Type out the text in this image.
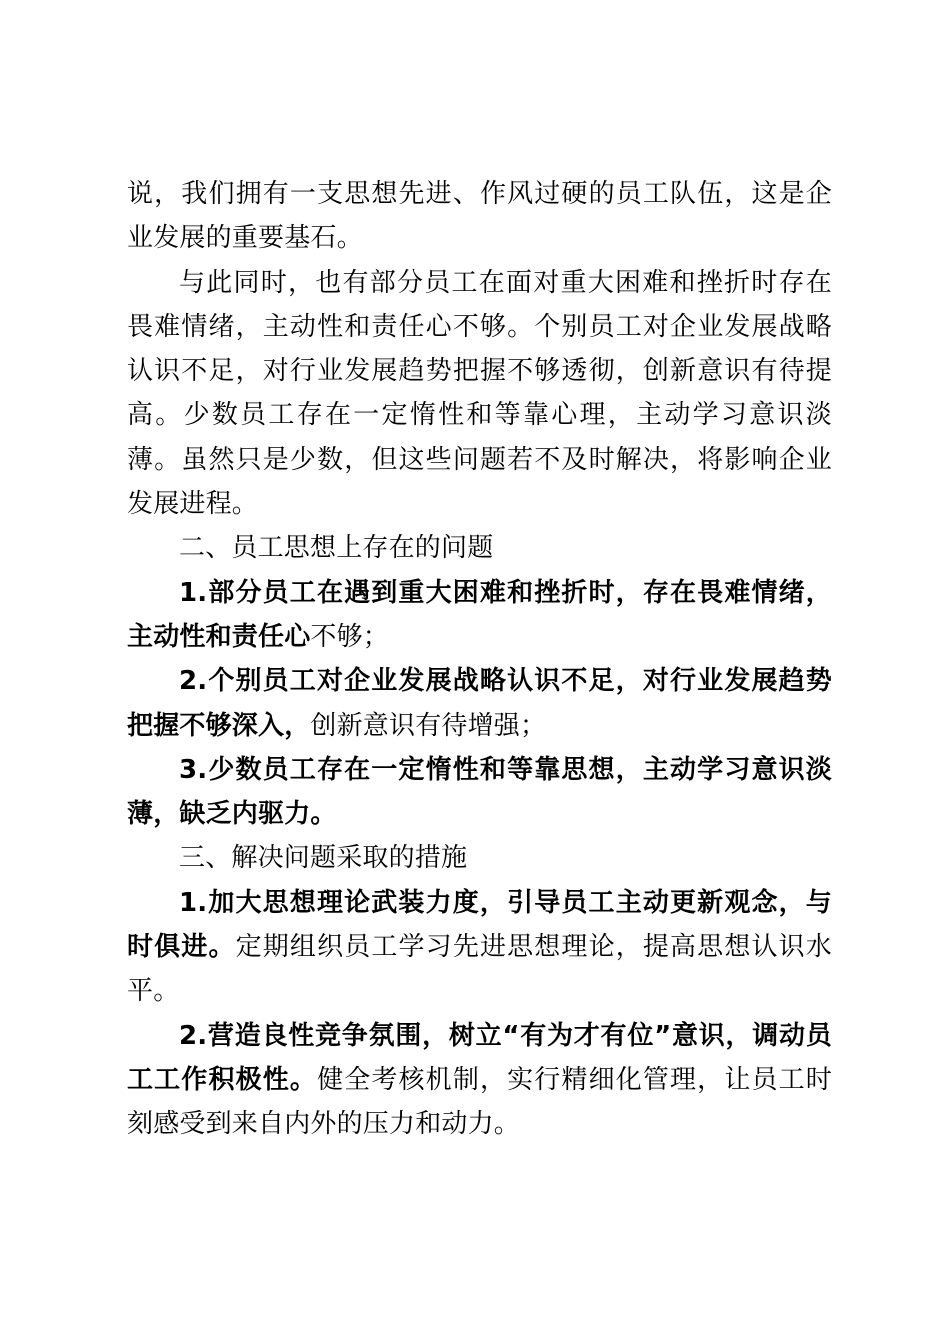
说，我们拥有一支思想先进、作风过硬的员工队伍，这是企业发展的重要基石。

与此同时，也有部分员工在面对重大困难和挫折时存在畏难情绪，主动性和责任心不够。个别员工对企业发展战略认识不足，对行业发展趋势把握不够透彻，创新意识有待提高。少数员工存在一定惰性和等靠心理，主动学习意识淡薄。虽然只是少数，但这些问题若不及时解决，将影响企业发展进程。

二、员工思想上存在的问题

1.部分员工在遇到重大困难和挫折时，存在畏难情绪，主动性和责任心不够；

2.个别员工对企业发展战略认识不足，对行业发展趋势把握不够深入，创新意识有待增强；

3.少数员工存在一定惰性和等靠思想，主动学习意识淡薄，缺乏内驱力。

三、解决问题采取的措施

1.加大思想理论武装力度，引导员工主动更新观念，与时俱进。定期组织员工学习先进思想理论，提高思想认识水平。

2.营造良性竞争氛围，树立“有为才有位”意识，调动员工工作积极性。健全考核机制，实行精细化管理，让员工时刻感受到来自内外的压力和动力。
